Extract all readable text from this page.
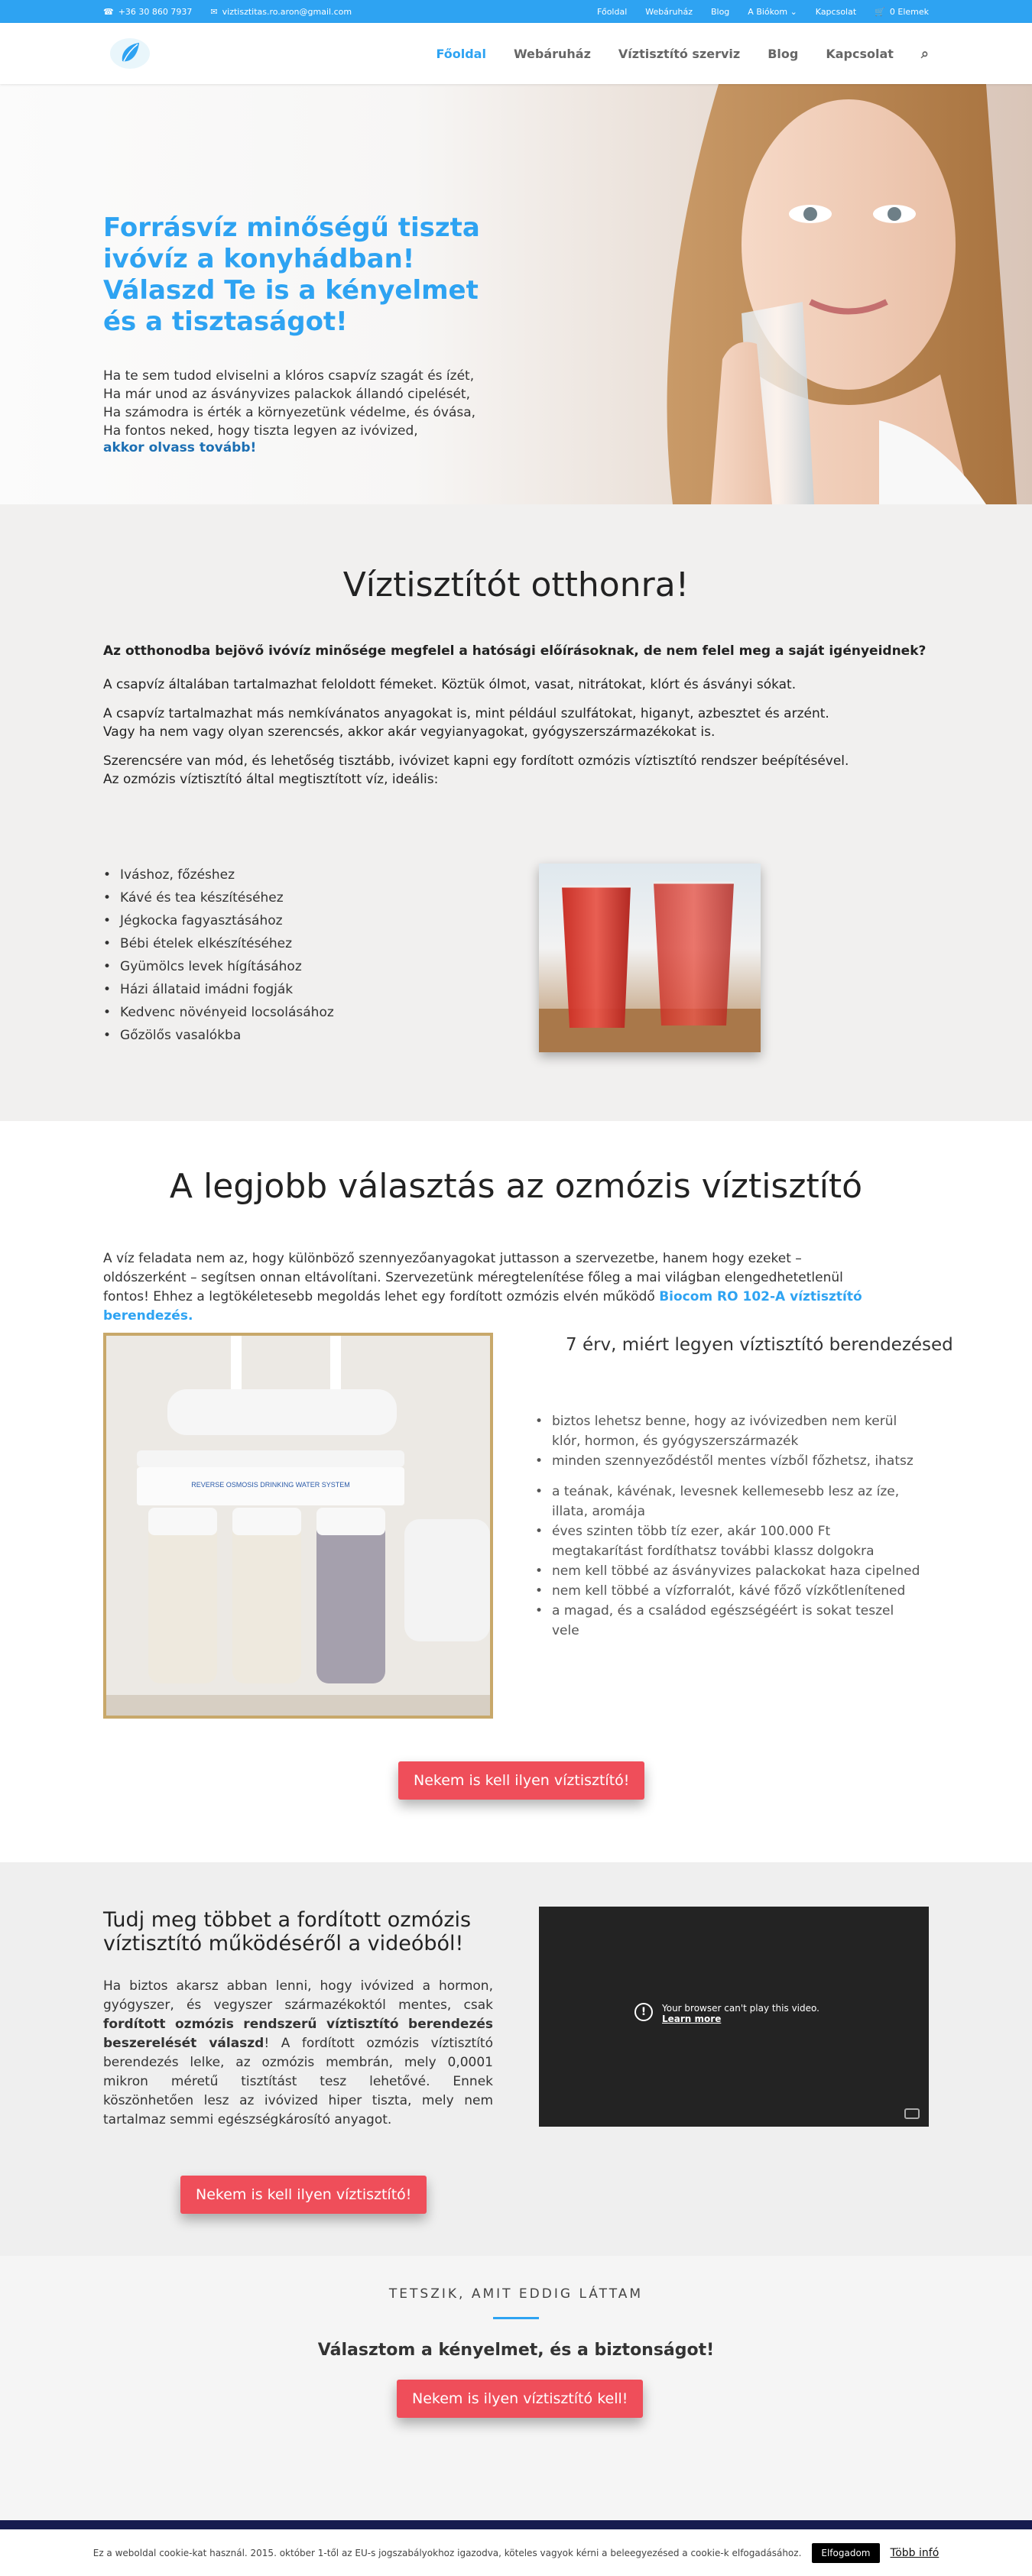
☎ +36 30 860 7937 ✉ viztisztitas.ro.aron@gmail.com	Főoldal Webáruház Blog A Biókom ⌄ Kapcsolat 🛒 0 Elemek
Főoldal Webáruház Víztisztító szerviz Blog Kapcsolat ⌕
Forrásvíz minőségű tiszta ivóvíz a konyhádban! Válaszd Te is a kényelmet és a tisztaságot!

Ha te sem tudod elviselni a klóros csapvíz szagát és ízét,

Ha már unod az ásványvizes palackok állandó cipelését,

Ha számodra is érték a környezetünk védelme, és óvása,

Ha fontos neked, hogy tiszta legyen az ivóvized,

akkor olvass tovább!
Víztisztítót otthonra!

Az otthonodba bejövő ivóvíz minősége megfelel a hatósági előírásoknak, de nem felel meg a saját igényeidnek?

A csapvíz általában tartalmazhat feloldott fémeket. Köztük ólmot, vasat, nitrátokat, klórt és ásványi sókat.

A csapvíz tartalmazhat más nemkívánatos anyagokat is, mint például szulfátokat, higanyt, azbesztet és arzént.
Vagy ha nem vagy olyan szerencsés, akkor akár vegyianyagokat, gyógyszerszármazékokat is.

Szerencsére van mód, és lehetőség tisztább, ivóvizet kapni egy fordított ozmózis víztisztító rendszer beépítésével.
Az ozmózis víztisztító által megtisztított víz, ideális:

• Iváshoz, főzéshez
• Kávé és tea készítéséhez
• Jégkocka fagyasztásához
• Bébi ételek elkészítéséhez
• Gyümölcs levek hígításához
• Házi állataid imádni fogják
• Kedvenc növényeid locsolásához
• Gőzölős vasalókba
A legjobb választás az ozmózis víztisztító

A víz feladata nem az, hogy különböző szennyezőanyagokat juttasson a szervezetbe, hanem hogy ezeket – oldószerként – segítsen onnan eltávolítani. Szervezetünk méregtelenítése főleg a mai világban elengedhetetlenül fontos! Ehhez a legtökéletesebb megoldás lehet egy fordított ozmózis elvén működő Biocom RO 102-A víztisztító berendezés.

REVERSE OSMOSIS DRINKING WATER SYSTEM
7 érv, miért legyen víztisztító berendezésed
• biztos lehetsz benne, hogy az ivóvizedben nem kerül klór, hormon, és gyógyszerszármazék
• minden szennyeződéstől mentes vízből főzhetsz, ihatsz
• a teának, kávénak, levesnek kellemesebb lesz az íze, illata, aromája
• éves szinten több tíz ezer, akár 100.000 Ft megtakarítást fordíthatsz további klassz dolgokra
• nem kell többé az ásványvizes palackokat haza cipelned
• nem kell többé a vízforralót, kávé főző vízkőtlenítened
• a magad, és a családod egészségéért is sokat teszel vele
Nekem is kell ilyen víztisztító!
Tudj meg többet a fordított ozmózis víztisztító működéséről a videóból!

Ha biztos akarsz abban lenni, hogy ivóvized a hormon, gyógyszer, és vegyszer származékoktól mentes, csak fordított ozmózis rendszerű víztisztító berendezés beszerelését válaszd! A fordított ozmózis víztisztító berendezés lelke, az ozmózis membrán, mely 0,0001 mikron méretű tisztítást tesz lehetővé. Ennek köszönhetően lesz az ivóvized hiper tiszta, mely nem tartalmaz semmi egészségkárosító anyagot.

!	Your browser can't play this video.
Learn more
Nekem is kell ilyen víztisztító!
TETSZIK, AMIT EDDIG LÁTTAM
Választom a kényelmet, és a biztonságot!
Nekem is ilyen víztisztító kell!
Ez a weboldal cookie-kat használ. 2015. október 1-től az EU-s jogszabályokhoz igazodva, köteles vagyok kérni a beleegyezésed a cookie-k elfogadásához.	Elfogadom	Több infó
